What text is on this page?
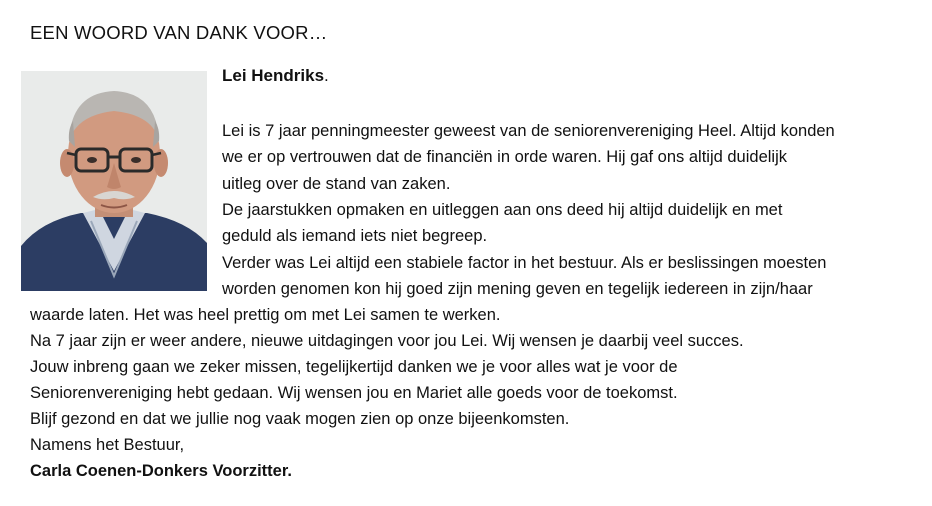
EEN WOORD VAN DANK VOOR…
Lei Hendriks.
Lei is 7 jaar penningmeester geweest van de seniorenvereniging Heel. Altijd konden
we er op vertrouwen dat de financiën in orde waren. Hij gaf ons altijd duidelijk
uitleg over de stand van zaken.
De jaarstukken opmaken en uitleggen aan ons deed hij altijd duidelijk en met
geduld als iemand iets niet begreep.
Verder was Lei altijd een stabiele factor in het bestuur. Als er beslissingen moesten
worden genomen kon hij goed zijn mening geven en tegelijk iedereen in zijn/haar
waarde laten. Het was heel prettig om met Lei samen te werken.
Na 7 jaar zijn er weer andere, nieuwe uitdagingen voor jou Lei. Wij wensen je daarbij veel succes.
Jouw inbreng gaan we zeker missen, tegelijkertijd danken we je voor alles wat je voor de
Seniorenvereniging hebt gedaan. Wij wensen jou en Mariet alle goeds voor de toekomst.
Blijf gezond en dat we jullie nog vaak mogen zien op onze bijeenkomsten.
Namens het Bestuur,
Carla Coenen-Donkers Voorzitter.
